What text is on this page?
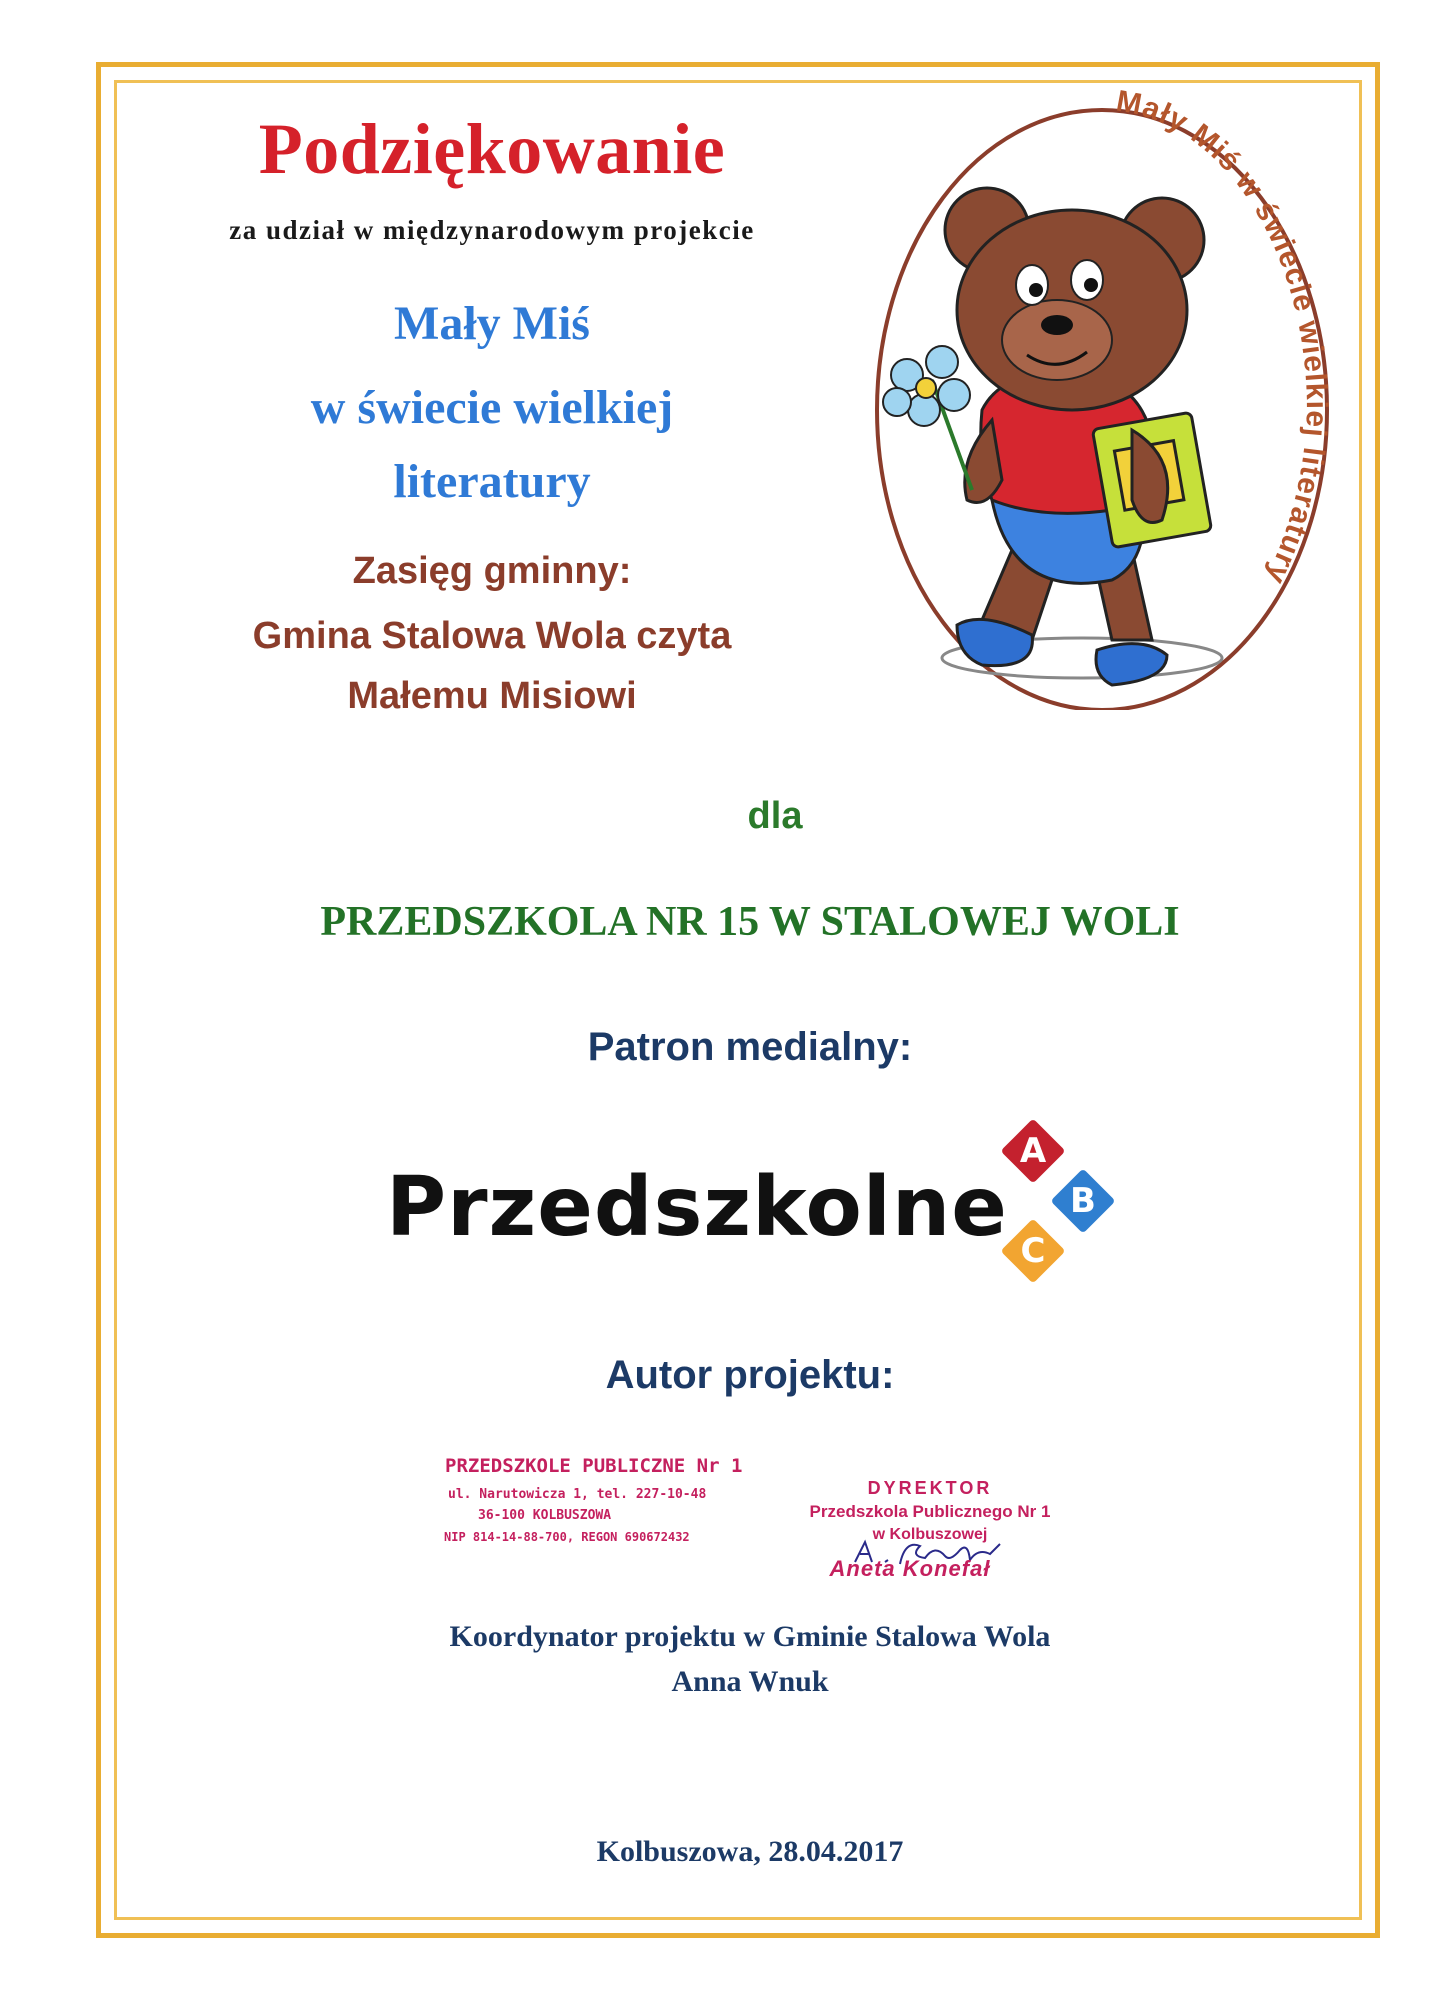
Podziękowanie
za udział w międzynarodowym projekcie
Mały Miś
w świecie wielkiej
literatury
Zasięg gminny:
Gmina Stalowa Wola czyta
Małemu Misiowi
Mały Miś w świecie wielkiej literatury
dla
PRZEDSZKOLA NR 15 W STALOWEJ WOLI
Patron medialny:
Przedszkolne
A
B
C
Autor projektu:
PRZEDSZKOLE PUBLICZNE Nr 1
ul. Narutowicza 1, tel. 227-10-48
36-100 KOLBUSZOWA
NIP 814-14-88-700, REGON 690672432
DYREKTOR
Przedszkola Publicznego Nr 1
w Kolbuszowej
Aneta Konefał
Koordynator projektu w Gminie Stalowa Wola
Anna Wnuk
Kolbuszowa, 28.04.2017
